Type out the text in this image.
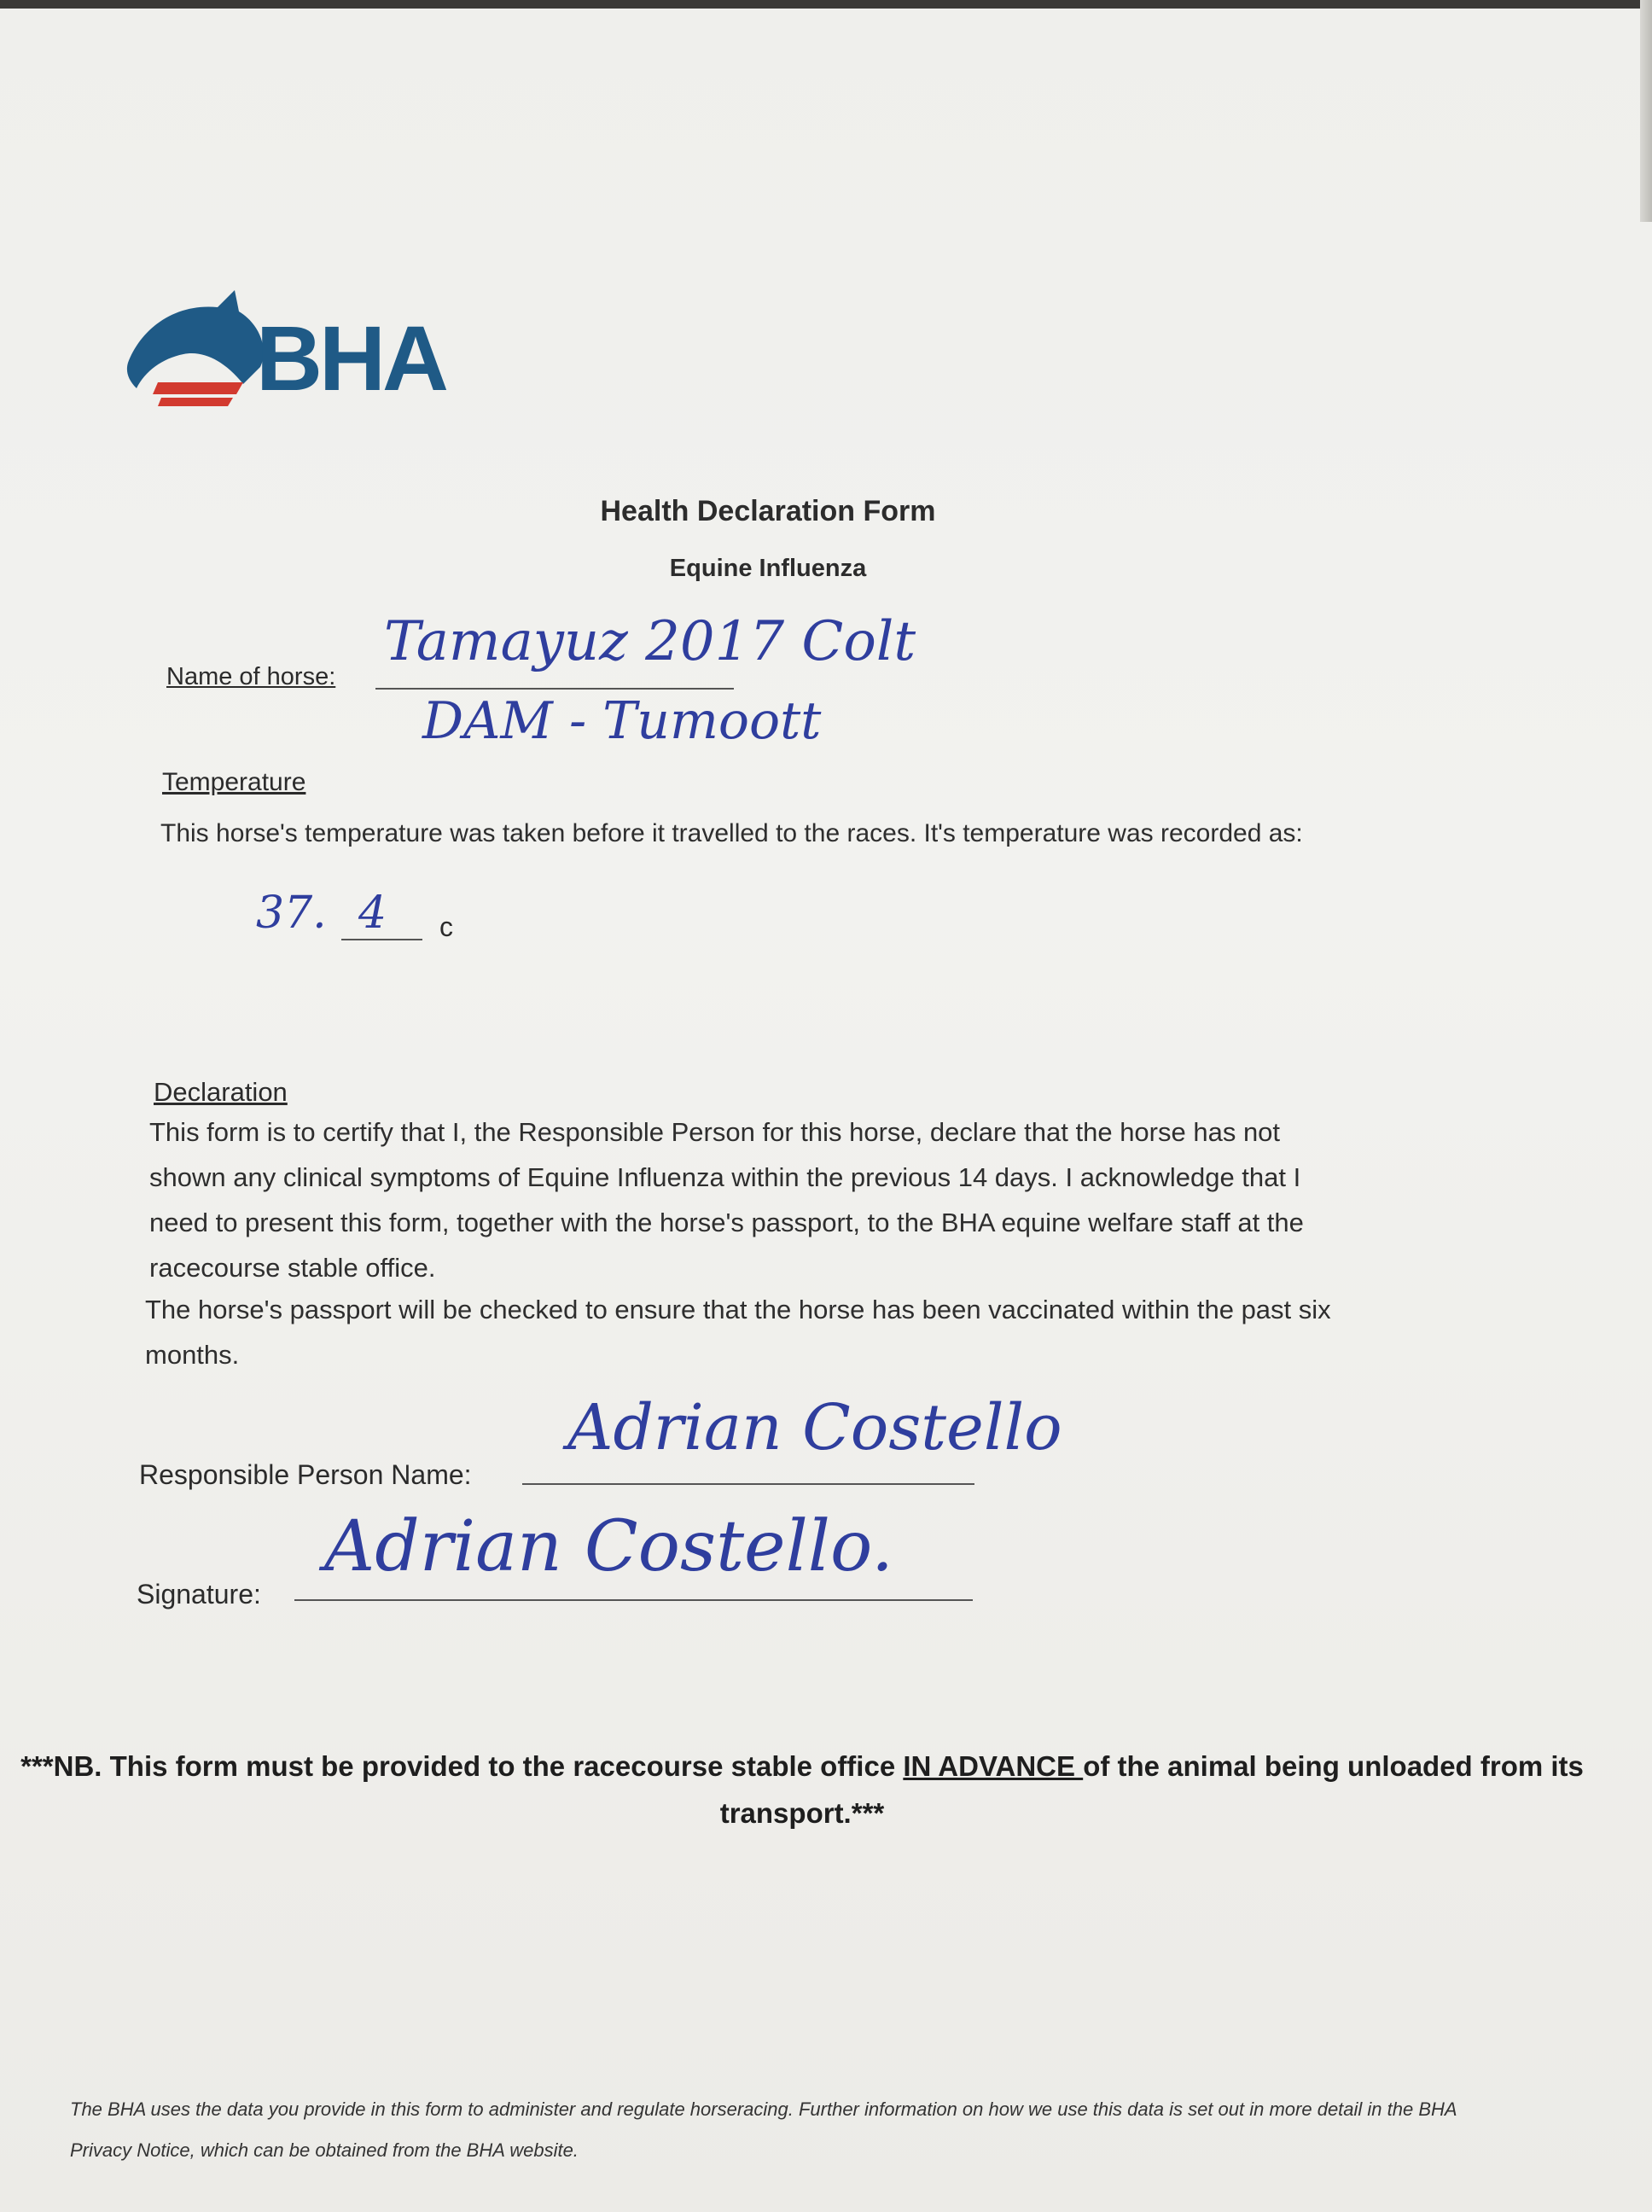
BHA
Health Declaration Form
Equine Influenza
Name of horse:
Tamayuz 2017 Colt
DAM - Tumoott
Temperature
This horse's temperature was taken before it travelled to the races. It's temperature was recorded as:
37. 4 c
Declaration
This form is to certify that I, the Responsible Person for this horse, declare that the horse has not shown any clinical symptoms of Equine Influenza within the previous 14 days. I acknowledge that I need to present this form, together with the horse's passport, to the BHA equine welfare staff at the racecourse stable office.
The horse's passport will be checked to ensure that the horse has been vaccinated within the past six months.
Responsible Person Name:
Adrian Costello
Signature:
Adrian Costello.
***NB. This form must be provided to the racecourse stable office IN ADVANCE of the animal being unloaded from its transport.***
The BHA uses the data you provide in this form to administer and regulate horseracing. Further information on how we use this data is set out in more detail in the BHA Privacy Notice, which can be obtained from the BHA website.
